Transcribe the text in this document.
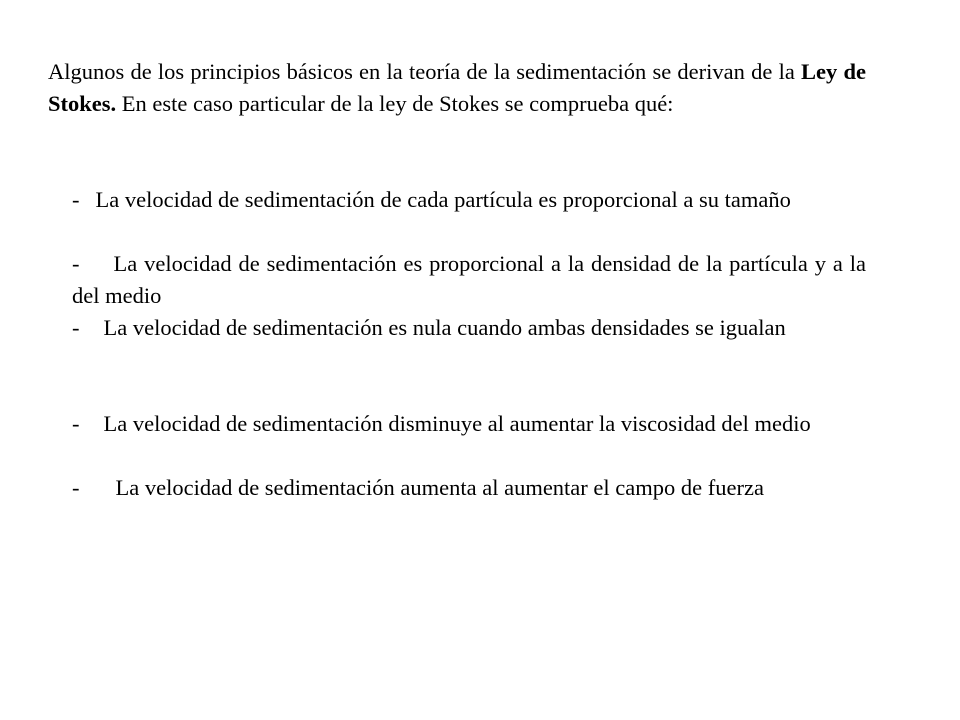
Algunos de los principios básicos en la teoría de la sedimentación se derivan de la Ley de Stokes. En este caso particular de la ley de Stokes se comprueba qué:

- La velocidad de sedimentación de cada partícula es proporcional a su tamaño

- La velocidad de sedimentación es proporcional a la densidad de la partícula y a la del medio

- La velocidad de sedimentación es nula cuando ambas densidades se igualan

- La velocidad de sedimentación disminuye al aumentar la viscosidad del medio

- La velocidad de sedimentación aumenta al aumentar el campo de fuerza
